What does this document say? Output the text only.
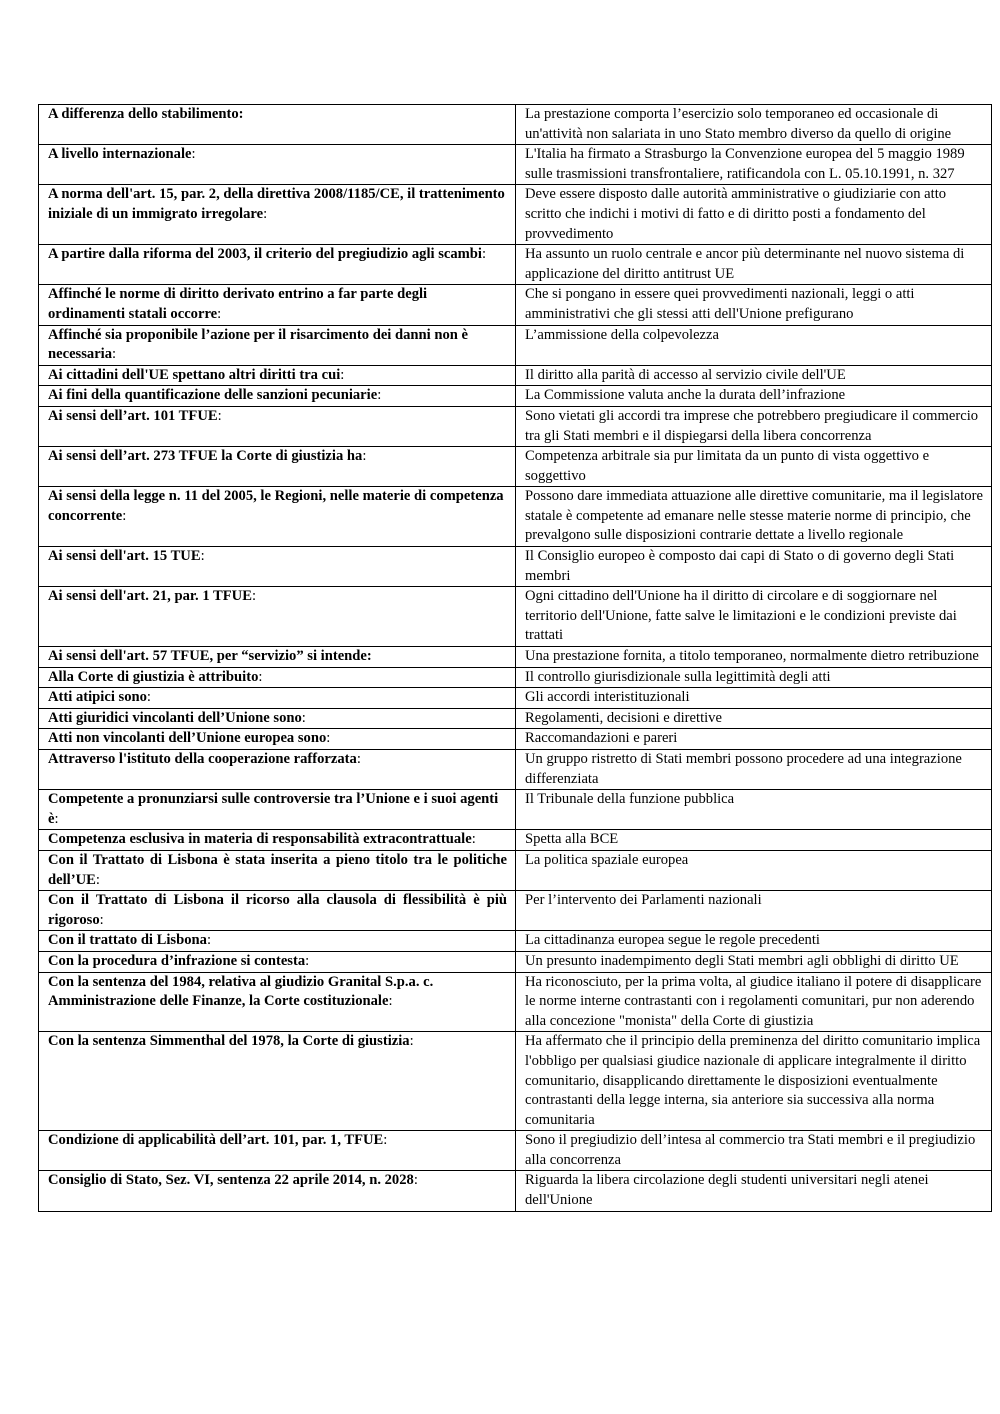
A differenza dello stabilimento:	La prestazione comporta l’esercizio solo temporaneo ed occasionale di un'attività non salariata in uno Stato membro diverso da quello di origine
A livello internazionale:	L'Italia ha firmato a Strasburgo la Convenzione europea del 5 maggio 1989 sulle trasmissioni transfrontaliere, ratificandola con L. 05.10.1991, n. 327
A norma dell'art. 15, par. 2, della direttiva 2008/1185/CE, il trattenimento iniziale di un immigrato irregolare:	Deve essere disposto dalle autorità amministrative o giudiziarie con atto scritto che indichi i motivi di fatto e di diritto posti a fondamento del provvedimento
A partire dalla riforma del 2003, il criterio del pregiudizio agli scambi:	Ha assunto un ruolo centrale e ancor più determinante nel nuovo sistema di applicazione del diritto antitrust UE
Affinché le norme di diritto derivato entrino a far parte degli ordinamenti statali occorre:	Che si pongano in essere quei provvedimenti nazionali, leggi o atti amministrativi che gli stessi atti dell'Unione prefigurano
Affinché sia proponibile l’azione per il risarcimento dei danni non è necessaria:	L’ammissione della colpevolezza
Ai cittadini dell'UE spettano altri diritti tra cui:	Il diritto alla parità di accesso al servizio civile dell'UE
Ai fini della quantificazione delle sanzioni pecuniarie:	La Commissione valuta anche la durata dell’infrazione
Ai sensi dell’art. 101 TFUE:	Sono vietati gli accordi tra imprese che potrebbero pregiudicare il commercio tra gli Stati membri e il dispiegarsi della libera concorrenza
Ai sensi dell’art. 273 TFUE la Corte di giustizia ha:	Competenza arbitrale sia pur limitata da un punto di vista oggettivo e soggettivo
Ai sensi della legge n. 11 del 2005, le Regioni, nelle materie di competenza concorrente:	Possono dare immediata attuazione alle direttive comunitarie, ma il legislatore statale è competente ad emanare nelle stesse materie norme di principio, che prevalgono sulle disposizioni contrarie dettate a livello regionale
Ai sensi dell'art. 15 TUE:	Il Consiglio europeo è composto dai capi di Stato o di governo degli Stati membri
Ai sensi dell'art. 21, par. 1 TFUE:	Ogni cittadino dell'Unione ha il diritto di circolare e di soggiornare nel territorio dell'Unione, fatte salve le limitazioni e le condizioni previste dai trattati
Ai sensi dell'art. 57 TFUE, per “servizio” si intende:	Una prestazione fornita, a titolo temporaneo, normalmente dietro retribuzione
Alla Corte di giustizia è attribuito:	Il controllo giurisdizionale sulla legittimità degli atti
Atti atipici sono:	Gli accordi interistituzionali
Atti giuridici vincolanti dell’Unione sono:	Regolamenti, decisioni e direttive
Atti non vincolanti dell’Unione europea sono:	Raccomandazioni e pareri
Attraverso l'istituto della cooperazione rafforzata:	Un gruppo ristretto di Stati membri possono procedere ad una integrazione differenziata
Competente a pronunziarsi sulle controversie tra l’Unione e i suoi agenti è:	Il Tribunale della funzione pubblica
Competenza esclusiva in materia di responsabilità extracontrattuale:	Spetta alla BCE
Con il Trattato di Lisbona è stata inserita a pieno titolo tra le politiche dell’UE:	La politica spaziale europea
Con il Trattato di Lisbona il ricorso alla clausola di flessibilità è più rigoroso:	Per l’intervento dei Parlamenti nazionali
Con il trattato di Lisbona:	La cittadinanza europea segue le regole precedenti
Con la procedura d’infrazione si contesta:	Un presunto inadempimento degli Stati membri agli obblighi di diritto UE
Con la sentenza del 1984, relativa al giudizio Granital S.p.a. c. Amministrazione delle Finanze, la Corte costituzionale:	Ha riconosciuto, per la prima volta, al giudice italiano il potere di disapplicare le norme interne contrastanti con i regolamenti comunitari, pur non aderendo alla concezione "monista" della Corte di giustizia
Con la sentenza Simmenthal del 1978, la Corte di giustizia:	Ha affermato che il principio della preminenza del diritto comunitario implica l'obbligo per qualsiasi giudice nazionale di applicare integralmente il diritto comunitario, disapplicando direttamente le disposizioni eventualmente contrastanti della legge interna, sia anteriore sia successiva alla norma comunitaria
Condizione di applicabilità dell’art. 101, par. 1, TFUE:	Sono il pregiudizio dell’intesa al commercio tra Stati membri e il pregiudizio alla concorrenza
Consiglio di Stato, Sez. VI, sentenza 22 aprile 2014, n. 2028:	Riguarda la libera circolazione degli studenti universitari negli atenei dell'Unione
